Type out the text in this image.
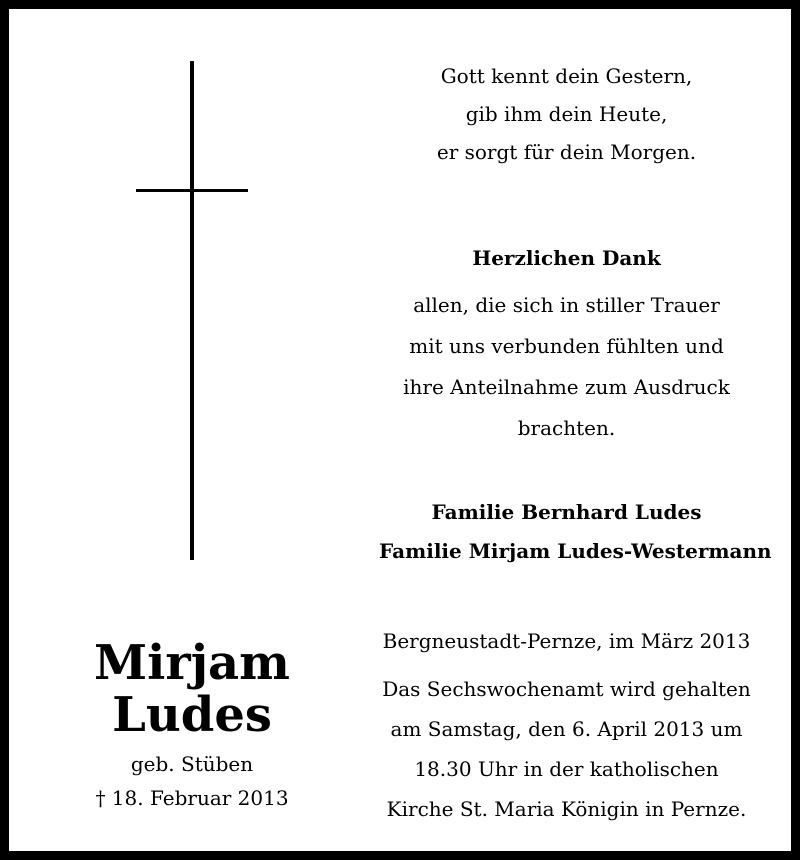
Gott kennt dein Gestern,
gib ihm dein Heute,
er sorgt für dein Morgen.
Herzlichen Dank
allen, die sich in stiller Trauer
mit uns verbunden fühlten und
ihre Anteilnahme zum Ausdruck
brachten.
Familie Bernhard Ludes
Familie Mirjam Ludes-Westermann
Bergneustadt-Pernze, im März 2013
Das Sechswochenamt wird gehalten
am Samstag, den 6. April 2013 um
18.30 Uhr in der katholischen
Kirche St. Maria Königin in Pernze.
Mirjam
Ludes
geb. Stüben
† 18. Februar 2013
